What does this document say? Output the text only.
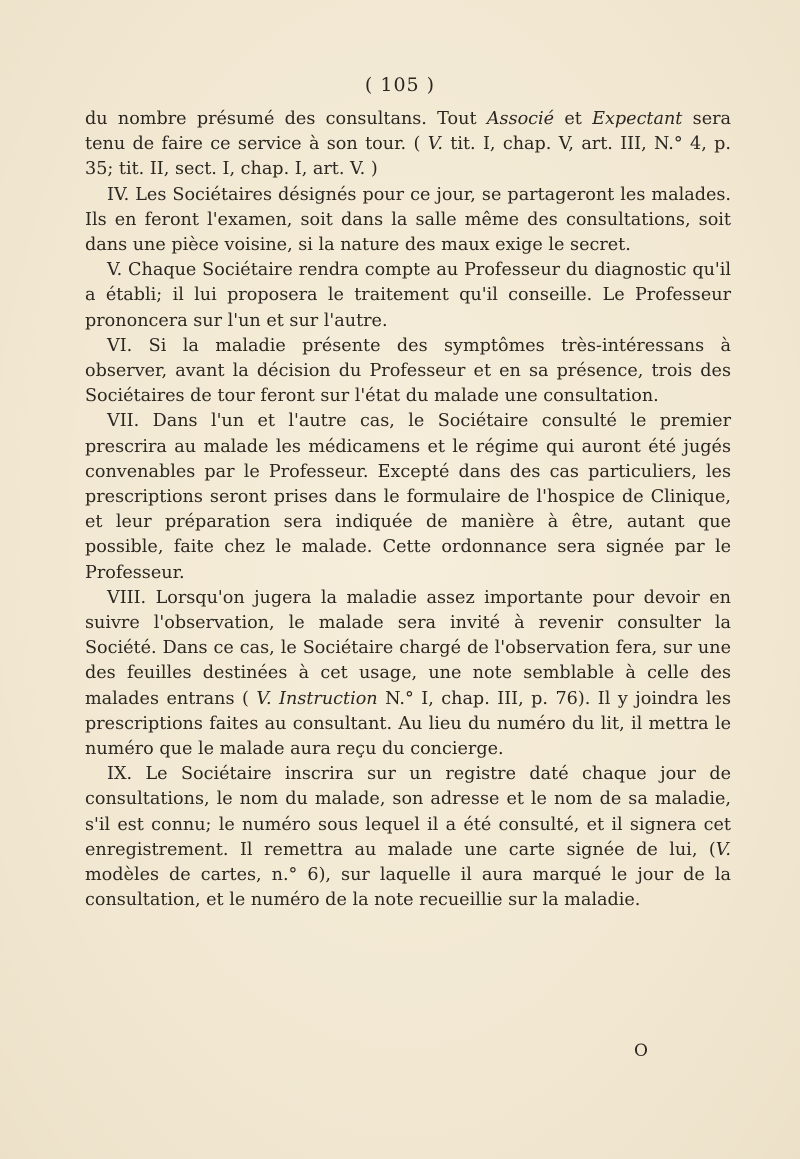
( 105 )

du nombre présumé des consultans. Tout Associé et Expectant sera tenu de faire ce service à son tour. ( V. tit. I, chap. V, art. III, N.° 4, p. 35; tit. II, sect. I, chap. I, art. V. )

IV. Les Sociétaires désignés pour ce jour, se partageront les malades. Ils en feront l'examen, soit dans la salle même des consultations, soit dans une pièce voisine, si la nature des maux exige le secret.

V. Chaque Sociétaire rendra compte au Professeur du diagnostic qu'il a établi; il lui proposera le traitement qu'il conseille. Le Professeur prononcera sur l'un et sur l'autre.

VI. Si la maladie présente des symptômes très-intéressans à observer, avant la décision du Professeur et en sa présence, trois des Sociétaires de tour feront sur l'état du malade une consultation.

VII. Dans l'un et l'autre cas, le Sociétaire consulté le premier prescrira au malade les médicamens et le régime qui auront été jugés convenables par le Professeur. Excepté dans des cas particuliers, les prescriptions seront prises dans le formulaire de l'hospice de Clinique, et leur préparation sera indiquée de manière à être, autant que possible, faite chez le malade. Cette ordonnance sera signée par le Professeur.

VIII. Lorsqu'on jugera la maladie assez importante pour devoir en suivre l'observation, le malade sera invité à revenir consulter la Société. Dans ce cas, le Sociétaire chargé de l'observation fera, sur une des feuilles destinées à cet usage, une note semblable à celle des malades entrans ( V. Instruction N.° I, chap. III, p. 76). Il y joindra les prescriptions faites au consultant. Au lieu du numéro du lit, il mettra le numéro que le malade aura reçu du concierge.

IX. Le Sociétaire inscrira sur un registre daté chaque jour de consultations, le nom du malade, son adresse et le nom de sa maladie, s'il est connu; le numéro sous lequel il a été consulté, et il signera cet enregistrement. Il remettra au malade une carte signée de lui, (V. modèles de cartes, n.° 6), sur laquelle il aura marqué le jour de la consultation, et le numéro de la note recueillie sur la maladie.

O
